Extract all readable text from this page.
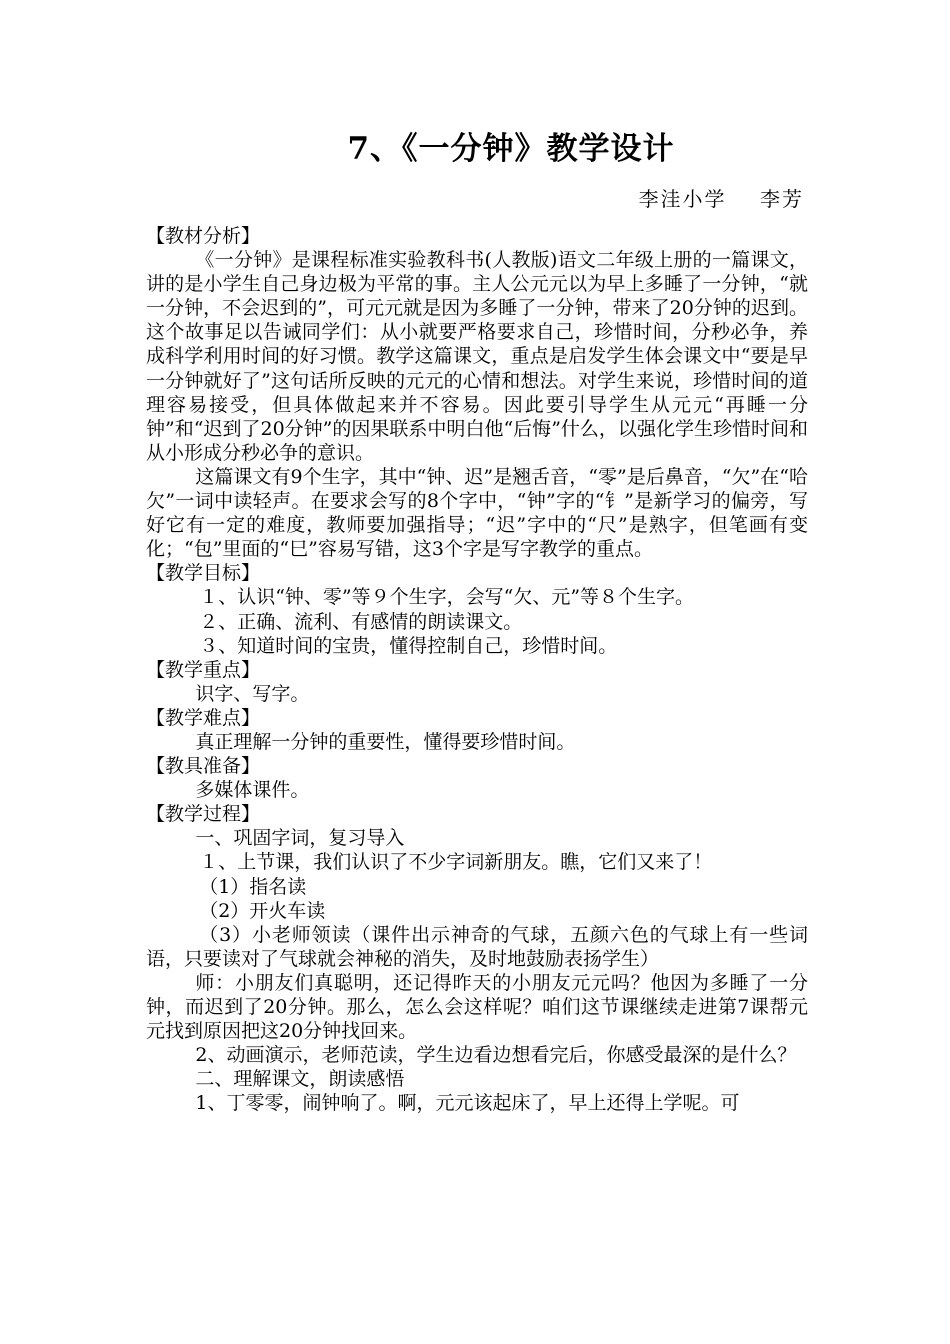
7、《一分钟》教学设计
李洼小学    李芳

【教材分析】

《一分钟》是课程标准实验教科书(人教版)语文二年级上册的一篇课文，讲的是小学生自己身边极为平常的事。主人公元元以为早上多睡了一分钟，“就一分钟，不会迟到的”，可元元就是因为多睡了一分钟，带来了20分钟的迟到。这个故事足以告诫同学们：从小就要严格要求自己，珍惜时间，分秒必争，养成科学利用时间的好习惯。教学这篇课文，重点是启发学生体会课文中“要是早一分钟就好了”这句话所反映的元元的心情和想法。对学生来说，珍惜时间的道理容易接受，但具体做起来并不容易。因此要引导学生从元元“再睡一分钟”和“迟到了20分钟”的因果联系中明白他“后悔”什么，以强化学生珍惜时间和从小形成分秒必争的意识。

这篇课文有9个生字，其中“钟、迟”是翘舌音，“零”是后鼻音，“欠”在“哈欠”一词中读轻声。在要求会写的8个字中，“钟”字的“钅”是新学习的偏旁，写好它有一定的难度，教师要加强指导；“迟”字中的“尺”是熟字，但笔画有变化；“包”里面的“巳”容易写错，这3个字是写字教学的重点。

【教学目标】

１、认识“钟、零”等９个生字，会写“欠、元”等８个生字。

２、正确、流利、有感情的朗读课文。

３、知道时间的宝贵，懂得控制自己，珍惜时间。

【教学重点】

识字、写字。

【教学难点】

真正理解一分钟的重要性，懂得要珍惜时间。

【教具准备】

多媒体课件。

【教学过程】

一、巩固字词，复习导入

１、上节课，我们认识了不少字词新朋友。瞧，它们又来了！

（1）指名读

（2）开火车读

（3）小老师领读（课件出示神奇的气球，五颜六色的气球上有一些词语，只要读对了气球就会神秘的消失，及时地鼓励表扬学生）

师：小朋友们真聪明，还记得昨天的小朋友元元吗？他因为多睡了一分钟，而迟到了20分钟。那么，怎么会这样呢？咱们这节课继续走进第7课帮元元找到原因把这20分钟找回来。

2、动画演示，老师范读，学生边看边想看完后，你感受最深的是什么？

二、理解课文，朗读感悟

1、丁零零，闹钟响了。啊，元元该起床了，早上还得上学呢。可
